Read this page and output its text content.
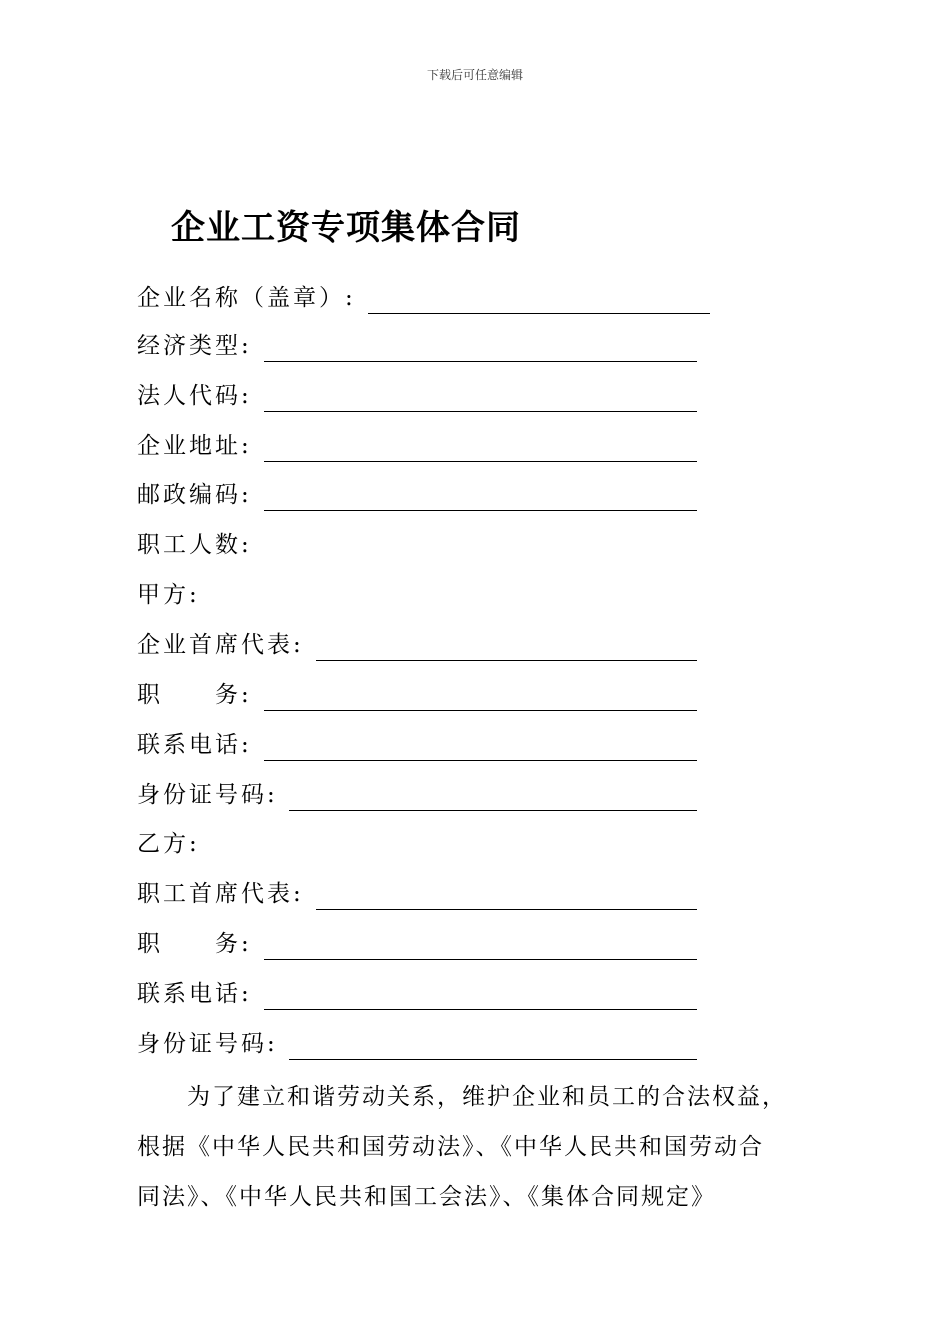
下载后可任意编辑
企业工资专项集体合同
企业名称（盖章）:
经济类型:
法人代码:
企业地址:
邮政编码:
职工人数:
甲方:
企业首席代表:
职　　务:
联系电话:
身份证号码:
乙方:
职工首席代表:
职　　务:
联系电话:
身份证号码:
　　为了建立和谐劳动关系，维护企业和员工的合法权益，
根据《中华人民共和国劳动法》、《中华人民共和国劳动合
同法》、《中华人民共和国工会法》、《集体合同规定》
